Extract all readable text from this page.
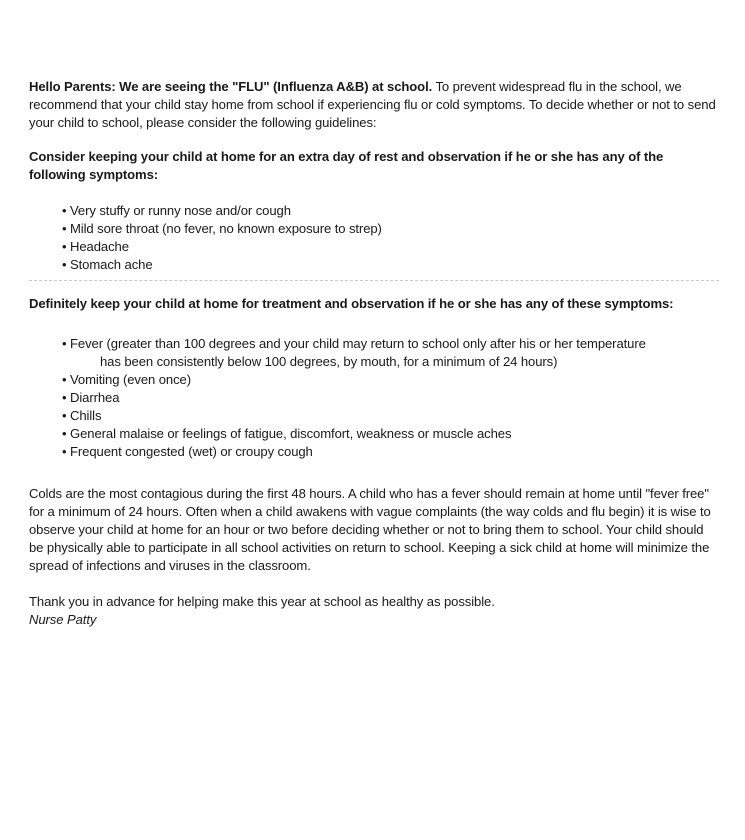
Hello Parents: We are seeing the "FLU" (Influenza A&B) at school. To prevent widespread flu in the school, we recommend that your child stay home from school if experiencing flu or cold symptoms. To decide whether or not to send your child to school, please consider the following guidelines:

Consider keeping your child at home for an extra day of rest and observation if he or she has any of the following symptoms:

• Very stuffy or runny nose and/or cough
• Mild sore throat (no fever, no known exposure to strep)
• Headache
• Stomach ache

Definitely keep your child at home for treatment and observation if he or she has any of these symptoms:

• Fever (greater than 100 degrees and your child may return to school only after his or her temperature
has been consistently below 100 degrees, by mouth, for a minimum of 24 hours)
• Vomiting (even once)
• Diarrhea
• Chills
• General malaise or feelings of fatigue, discomfort, weakness or muscle aches
• Frequent congested (wet) or croupy cough

Colds are the most contagious during the first 48 hours. A child who has a fever should remain at home until "fever free" for a minimum of 24 hours. Often when a child awakens with vague complaints (the way colds and flu begin) it is wise to observe your child at home for an hour or two before deciding whether or not to bring them to school. Your child should be physically able to participate in all school activities on return to school. Keeping a sick child at home will minimize the spread of infections and viruses in the classroom.

Thank you in advance for helping make this year at school as healthy as possible.

Nurse Patty
